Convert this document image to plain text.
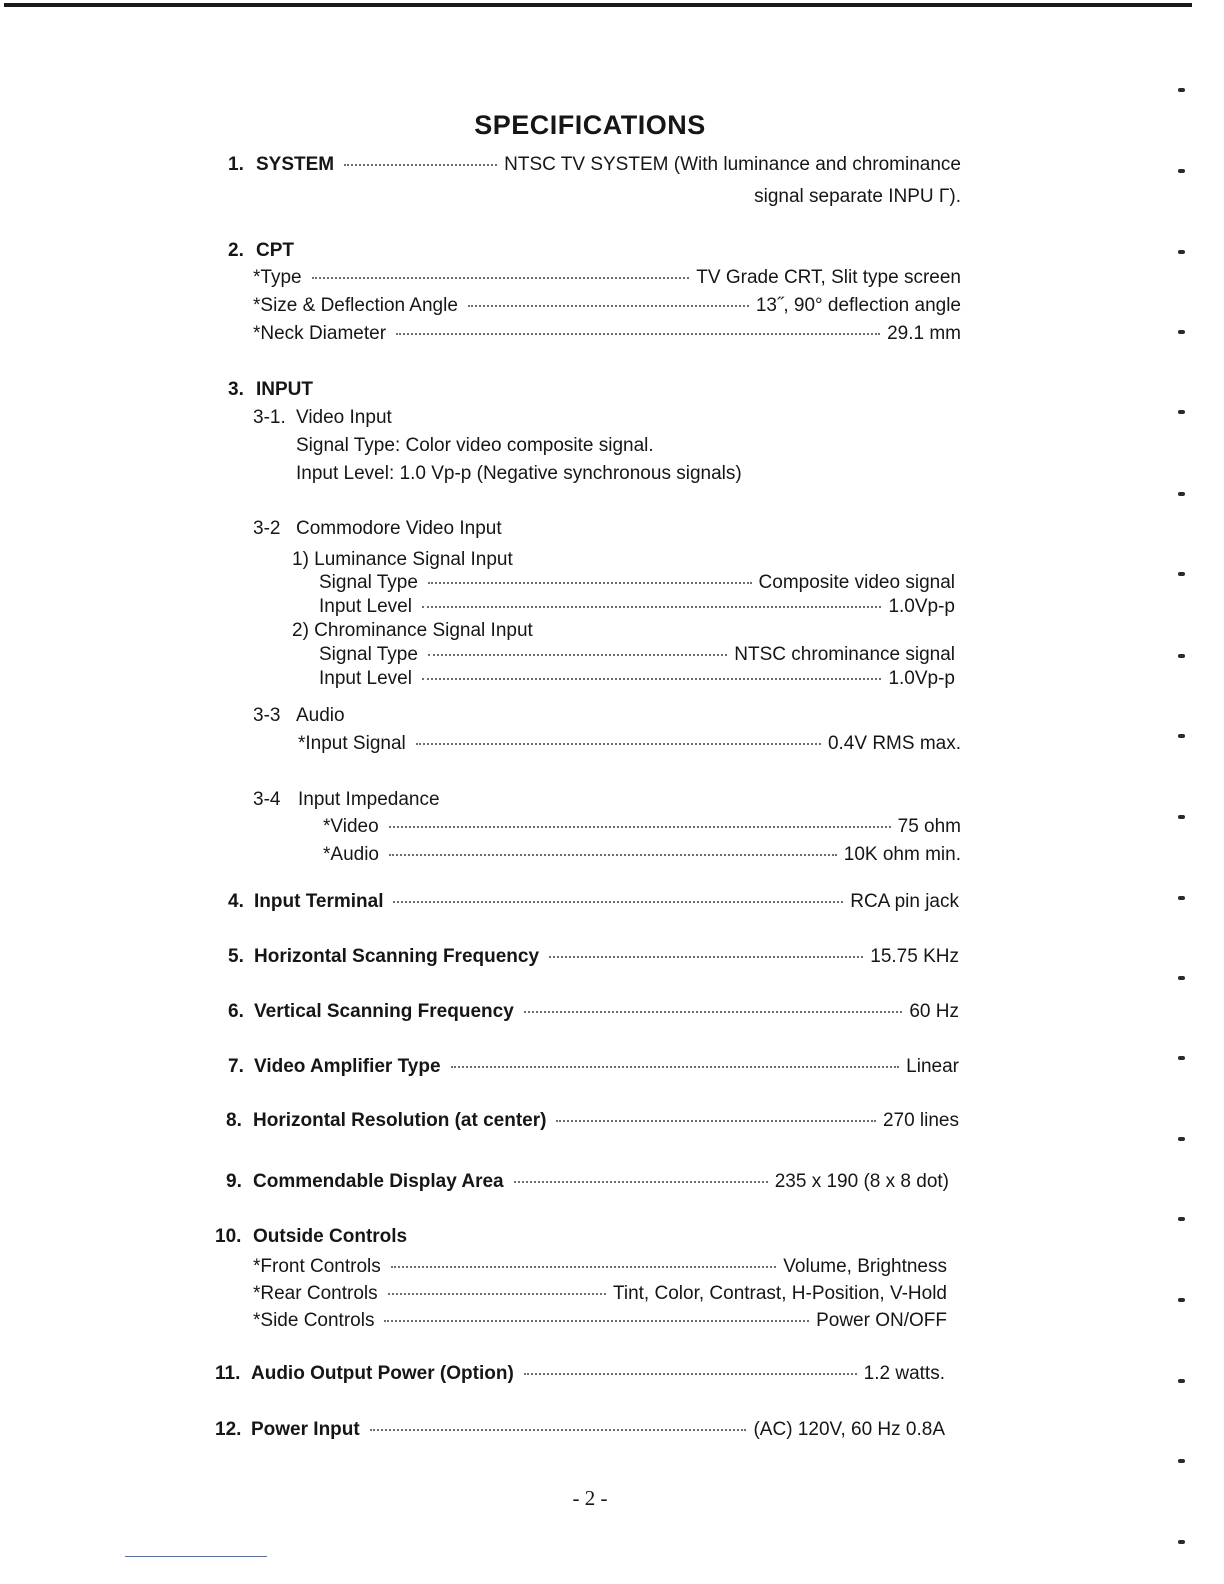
SPECIFICATIONS
1. SYSTEM	NTSC TV SYSTEM (With luminance and chrominance
signal separate INPU Γ).
2. CPT
*Type	TV Grade CRT, Slit type screen
*Size & Deflection Angle	13˝, 90° deflection angle
*Neck Diameter	29.1 mm
3. INPUT
3-1. Video Input
Signal Type: Color video composite signal.
Input Level: 1.0 Vp-p (Negative synchronous signals)
3-2 Commodore Video Input
1) Luminance Signal Input
Signal Type	Composite video signal
Input Level	1.0Vp-p
2) Chrominance Signal Input
Signal Type	NTSC chrominance signal
Input Level	1.0Vp-p
3-3 Audio
*Input Signal	0.4V RMS max.
3-4 Input Impedance
*Video	75 ohm
*Audio	10K ohm min.
4. Input Terminal	RCA pin jack
5. Horizontal Scanning Frequency	15.75 KHz
6. Vertical Scanning Frequency	60 Hz
7. Video Amplifier Type	Linear
8. Horizontal Resolution (at center)	270 lines
9. Commendable Display Area	235 x 190 (8 x 8 dot)
10. Outside Controls
*Front Controls	Volume, Brightness
*Rear Controls	Tint, Color, Contrast, H-Position, V-Hold
*Side Controls	Power ON/OFF
11. Audio Output Power (Option)	1.2 watts.
12. Power Input	(AC) 120V, 60 Hz 0.8A
- 2 -
